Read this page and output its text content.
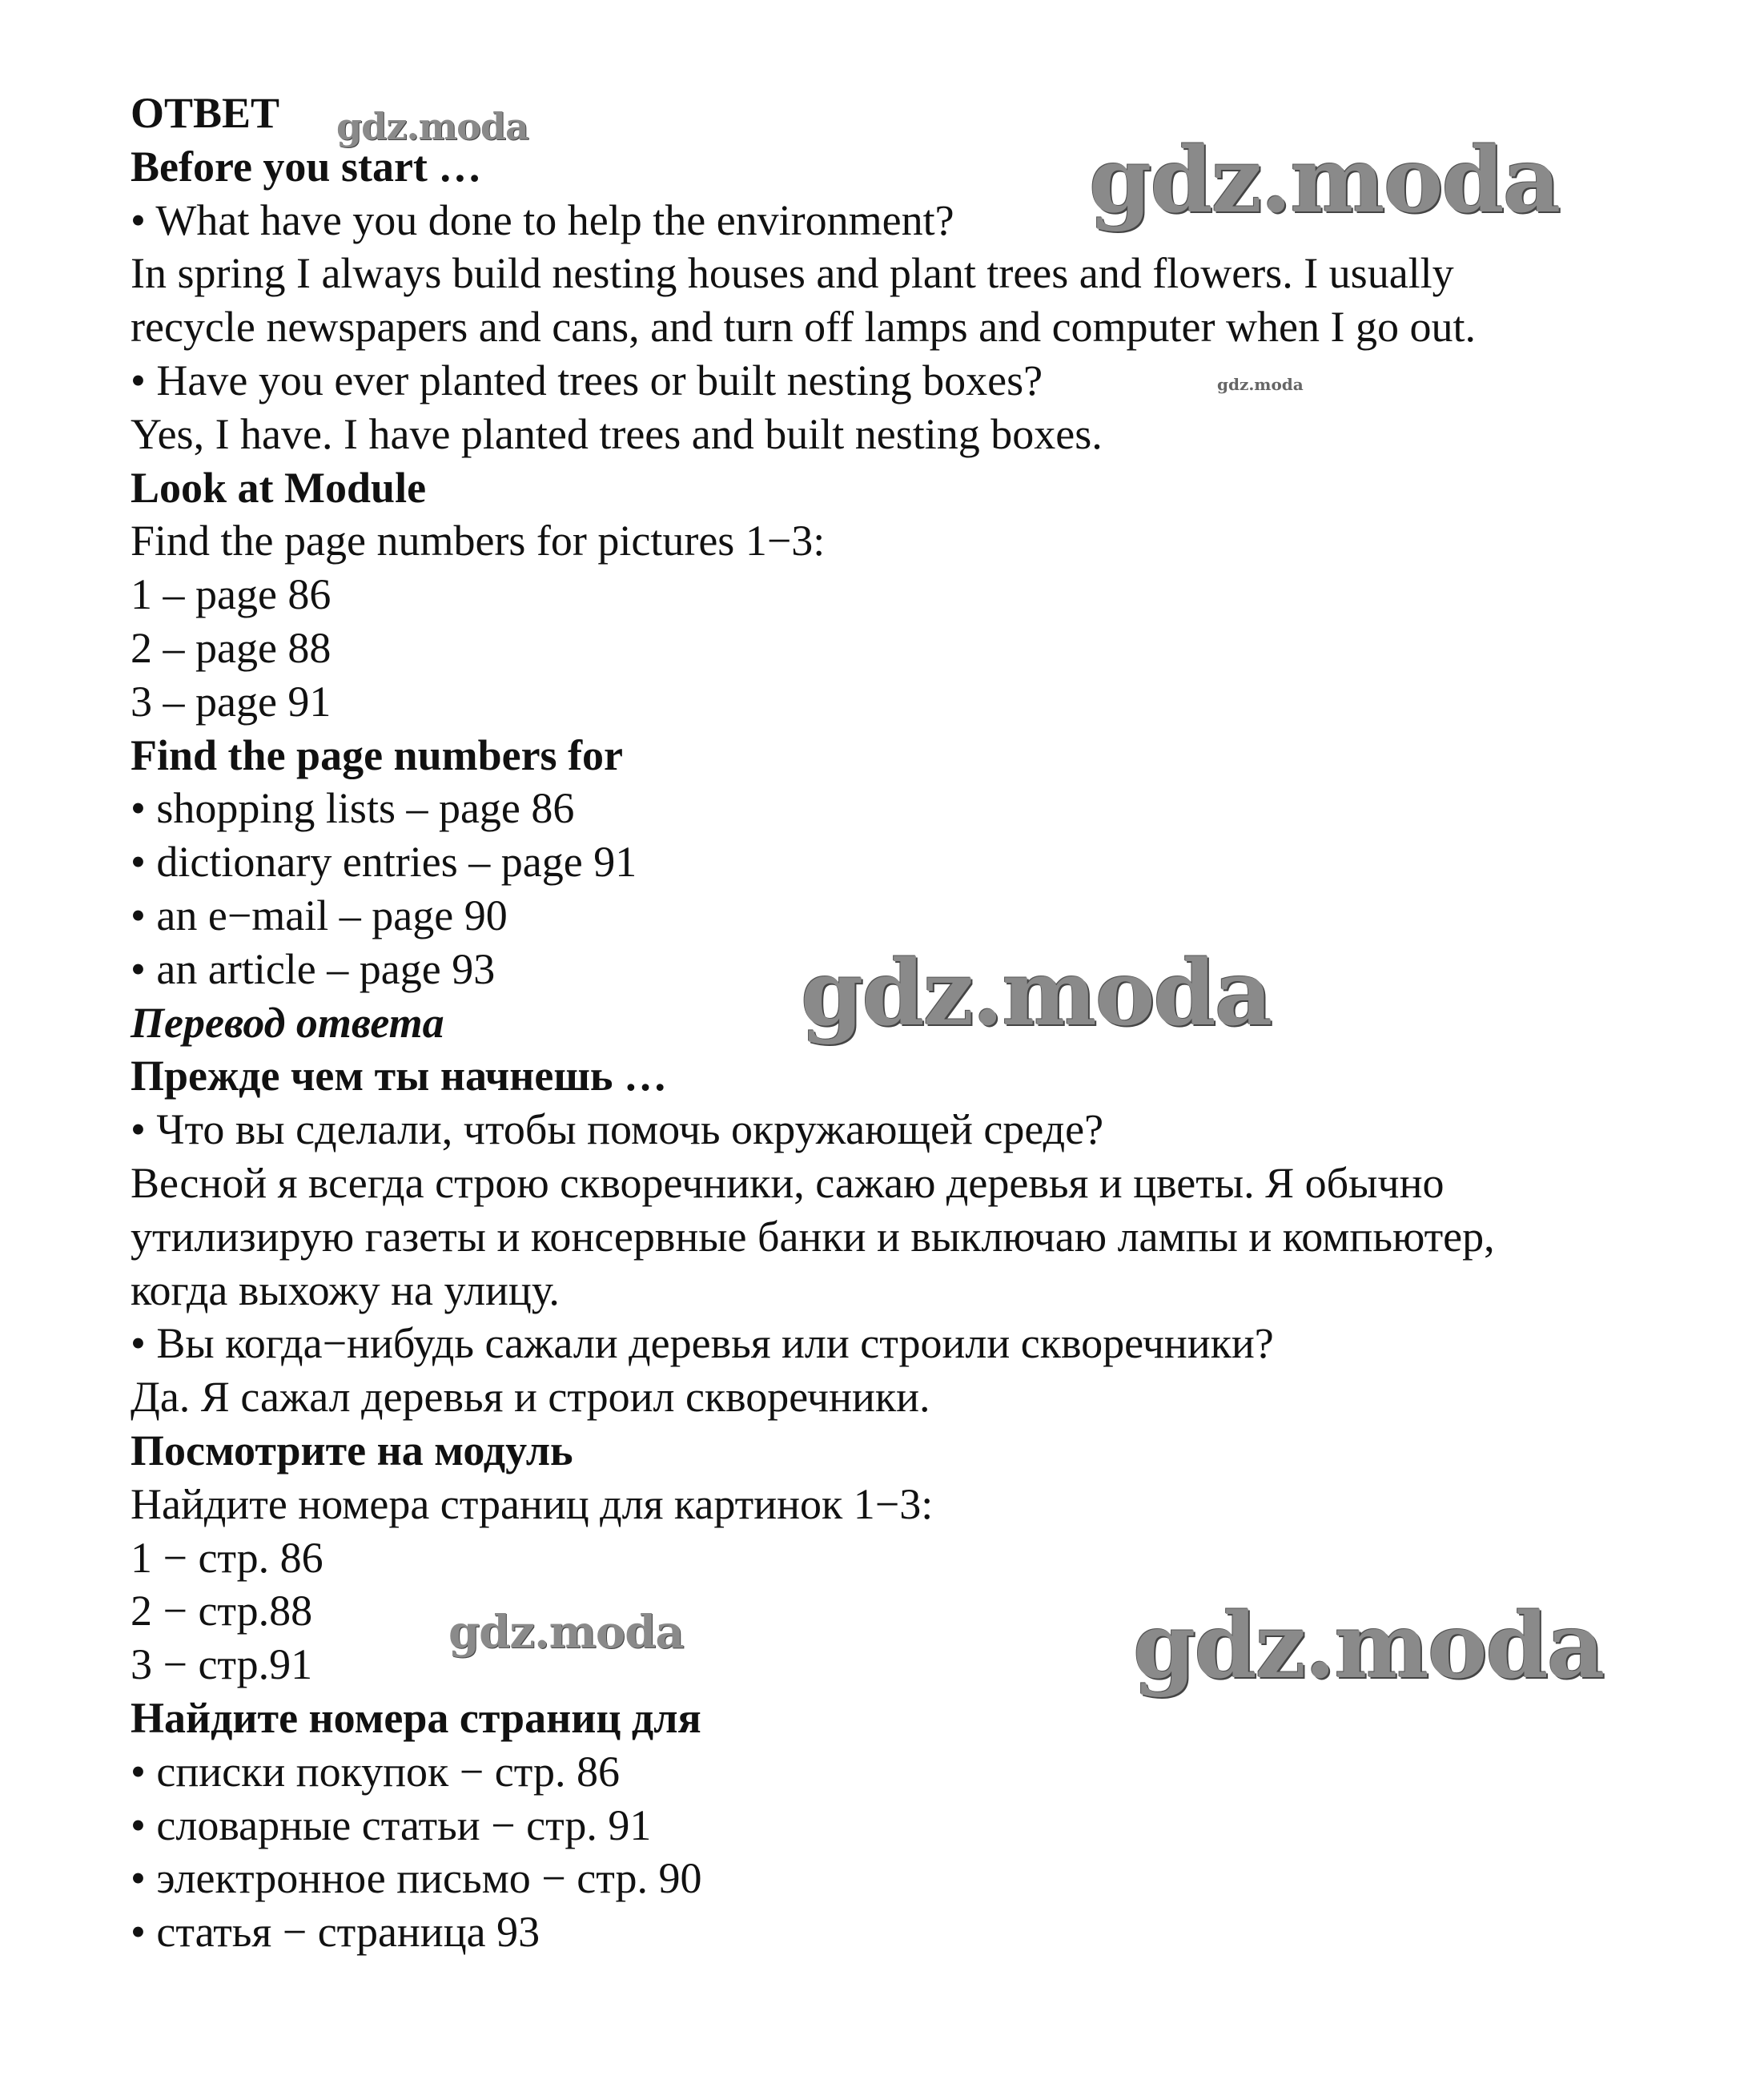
ОТВЕТ
Before you start …
• What have you done to help the environment?
In spring I always build nesting houses and plant trees and flowers. I usually
recycle newspapers and cans, and turn off lamps and computer when I go out.
• Have you ever planted trees or built nesting boxes?
Yes, I have. I have planted trees and built nesting boxes.
Look at Module
Find the page numbers for pictures 1−3:
1 – page 86
2 – page 88
3 – page 91
Find the page numbers for
• shopping lists – page 86
• dictionary entries – page 91
• an e−mail – page 90
• an article – page 93
Перевод ответа
Прежде чем ты начнешь …
• Что вы сделали, чтобы помочь окружающей среде?
Весной я всегда строю скворечники, сажаю деревья и цветы. Я обычно
утилизирую газеты и консервные банки и выключаю лампы и компьютер,
когда выхожу на улицу.
• Вы когда−нибудь сажали деревья или строили скворечники?
Да. Я сажал деревья и строил скворечники.
Посмотрите на модуль
Найдите номера страниц для картинок 1−3:
1 − стр. 86
2 − стр.88
3 − стр.91
Найдите номера страниц для
• списки покупок − стр. 86
• словарные статьи − стр. 91
• электронное письмо − стр. 90
• статья − страница 93
gdz.moda
gdz.moda
gdz.moda
gdz.moda
gdz.moda	gdz.moda
